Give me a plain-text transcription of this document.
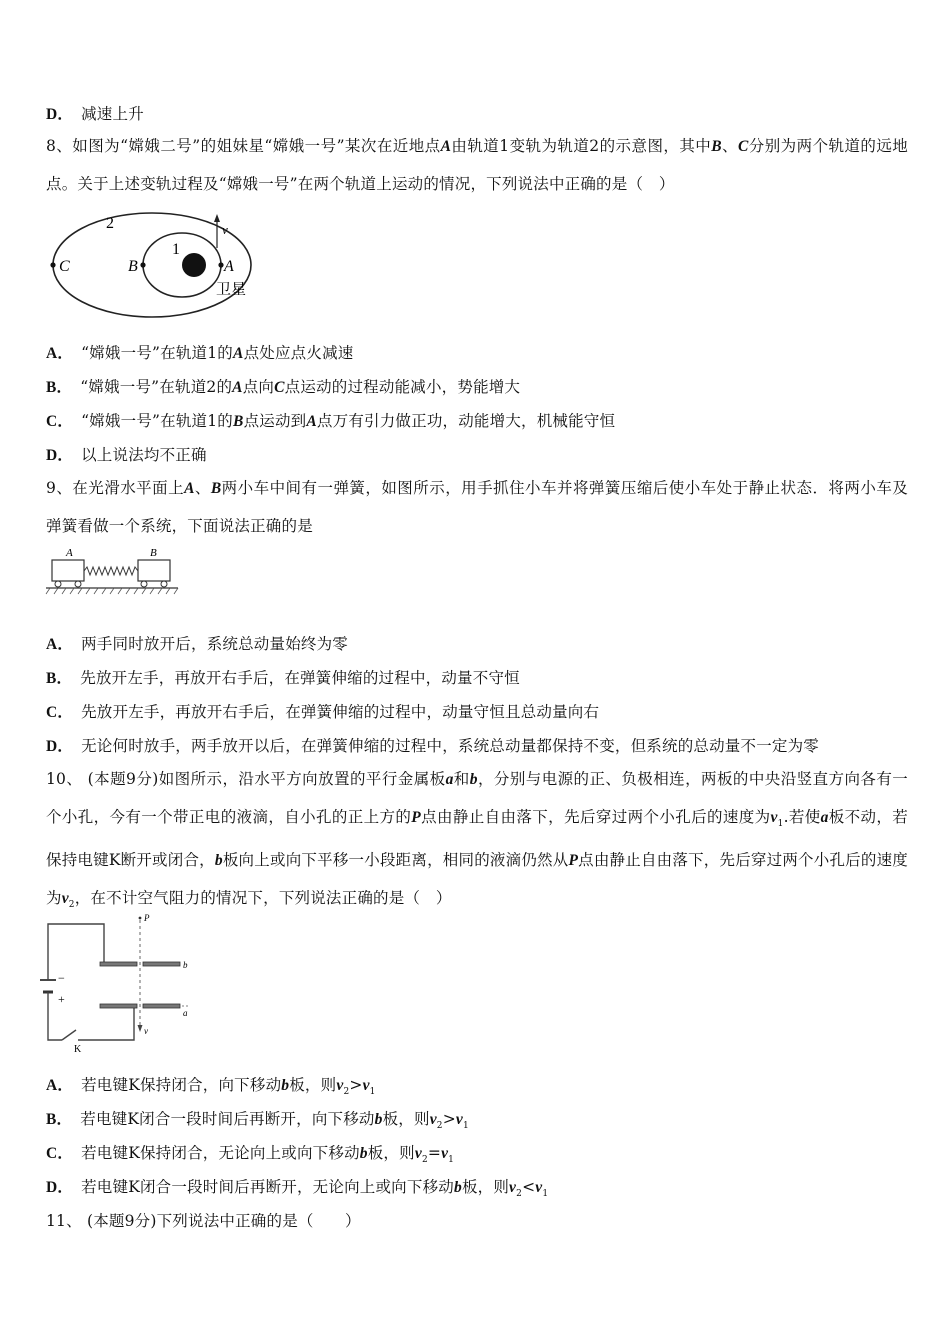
D． 减速上升
8、如图为“嫦娥二号”的姐妹星“嫦娥一号”某次在近地点A由轨道1变轨为轨道2的示意图，其中B、C分别为两个轨道的远地点。关于上述变轨过程及“嫦娥一号”在两个轨道上运动的情况，下列说法中正确的是（　）
2
1
C	B	A
v
卫星
A． “嫦娥一号”在轨道1的A点处应点火减速
B． “嫦娥一号”在轨道2的A点向C点运动的过程动能减小，势能增大
C． “嫦娥一号”在轨道1的B点运动到A点万有引力做正功，动能增大，机械能守恒
D． 以上说法均不正确
9、在光滑水平面上A、B两小车中间有一弹簧，如图所示，用手抓住小车并将弹簧压缩后使小车处于静止状态．将两小车及弹簧看做一个系统，下面说法正确的是
A	B
A． 两手同时放开后，系统总动量始终为零
B． 先放开左手，再放开右手后，在弹簧伸缩的过程中，动量不守恒
C． 先放开左手，再放开右手后，在弹簧伸缩的过程中，动量守恒且总动量向右
D． 无论何时放手，两手放开以后，在弹簧伸缩的过程中，系统总动量都保持不变，但系统的总动量不一定为零
10、 (本题9分)如图所示，沿水平方向放置的平行金属板a和b，分别与电源的正、负极相连，两板的中央沿竖直方向各有一个小孔，今有一个带正电的液滴，自小孔的正上方的P点由静止自由落下，先后穿过两个小孔后的速度为$v_1$.若使a板不动，若保持电键K断开或闭合，b板向上或向下平移一小段距离，相同的液滴仍然从P点由静止自由落下，先后穿过两个小孔后的速度为$v_2$，在不计空气阻力的情况下，下列说法正确的是（　）
−
+
K
P
b
a
v
A． 若电键K保持闭合，向下移动b板，则$v_2>v_1$
B． 若电键K闭合一段时间后再断开，向下移动b板，则$v_2>v_1$
C． 若电键K保持闭合，无论向上或向下移动b板，则$v_2=v_1$
D． 若电键K闭合一段时间后再断开，无论向上或向下移动b板，则$v_2<v_1$
11、 (本题9分)下列说法中正确的是（　　）
